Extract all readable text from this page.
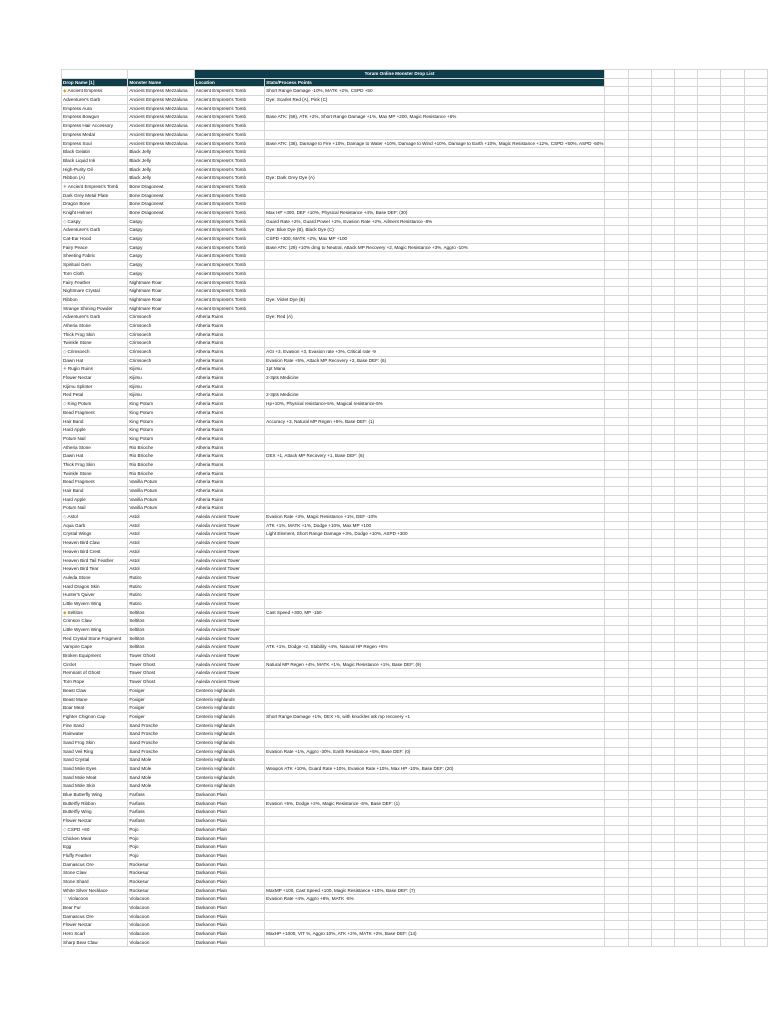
		Toram Online Monster Drop List								
Drop Name [1]	Monster Name	Location	Stats/Process Points							
◆Ancient Empress	Ancient Empress Mezzaluna	Ancient Empress's Tomb	Short Range Damage -10%, MATK +2%, CSPD +50							
Adventurer's Garb	Ancient Empress Mezzaluna	Ancient Empress's Tomb	Dye: Scarlet Red (A), Pink (C)							
Empress Aura	Ancient Empress Mezzaluna	Ancient Empress's Tomb								
Empress Bowgun	Ancient Empress Mezzaluna	Ancient Empress's Tomb	Base ATK: (58), ATK +2%, Short Range Damage +1%, Max MP +200, Magic Resistance +6%							
Empress Hair Accessory	Ancient Empress Mezzaluna	Ancient Empress's Tomb								
Empress Medal	Ancient Empress Mezzaluna	Ancient Empress's Tomb								
Empress Soul	Ancient Empress Mezzaluna	Ancient Empress's Tomb	Base ATK: (36), Damage to Fire +10%, Damage to Water +10%, Damage to Wind +10%, Damage to Earth +10%, Magic Resistance +12%, CSPD +50%, ASPD -50%							
Black Gelatin	Black Jelly	Ancient Empress's Tomb								
Black Liquid Ink	Black Jelly	Ancient Empress's Tomb								
High-Purity Oil	Black Jelly	Ancient Empress's Tomb								
Ribbon (A)	Black Jelly	Ancient Empress's Tomb	Dye: Dark Grey Dye (A)							
✳Ancient Empress's Tomb	Bone Dragonewt	Ancient Empress's Tomb								
Dark Grey Metal Plate	Bone Dragonewt	Ancient Empress's Tomb								
Dragon Bone	Bone Dragonewt	Ancient Empress's Tomb								
Knight Helmet	Bone Dragonewt	Ancient Empress's Tomb	Max HP +300, DEF +10%, Physical Resistance +4%, Base DEF: (30)							
◇Caspy	Caspy	Ancient Empress's Tomb	Guard Rate +2%, Guard Power +2%, Evasion Rate +2%, Ailment Resistance -8%							
Adventurer's Garb	Caspy	Ancient Empress's Tomb	Dye: Blue Dye (B), Black Dye (C)							
Cat-Ear Hood	Caspy	Ancient Empress's Tomb	CSPD +300, MATK +2%, Max MP +100							
Fairy Peace	Caspy	Ancient Empress's Tomb	Base ATK: (29) +10% dmg to Neutral, Attack MP Recovery +2, Magic Resistance +3%, Aggro -10%							
Sheeting Fabric	Caspy	Ancient Empress's Tomb								
Spiritual Gem	Caspy	Ancient Empress's Tomb								
Torn Cloth	Caspy	Ancient Empress's Tomb								
Fairy Feather	Nightmare Roar	Ancient Empress's Tomb								
Nightmare Crystal	Nightmare Roar	Ancient Empress's Tomb								
Ribbon	Nightmare Roar	Ancient Empress's Tomb	Dye: Violet Dye (B)							
Strange Shining Powder	Nightmare Roar	Ancient Empress's Tomb								
Adventurer's Garb	Crimsoech	Atheria Ruins	Dye: Red (A)							
Atheria Stone	Crimsoech	Atheria Ruins								
Thick Frog Skin	Crimsoech	Atheria Ruins								
Twinkle Stone	Crimsoech	Atheria Ruins								
◇Crimsoech	Crimsoech	Atheria Ruins	AGI +3, Evasion +3, Evasion rate +3%, Critical rate -9							
Dawn Hat	Crimsoech	Atheria Ruins	Evasion Rate +5%, Attack MP Recovery +2, Base DEF: (6)							
✳Rugio Ruins	Kijimu	Atheria Ruins	1pt Mana							
Flower Nectar	Kijimu	Atheria Ruins	2-3pts Medicine							
Kijimu Splinter	Kijimu	Atheria Ruins								
Red Petal	Kijimu	Atheria Ruins	2-3pts Medicine							
◇King Potum	King Potum	Atheria Ruins	Hp+10%, Physical resistance-5%, Magical resistance-5%							
Bead Fragment	King Potum	Atheria Ruins								
Hair Band	King Potum	Atheria Ruins	Accuracy +3, Natural MP Regen +5%, Base DEF: (1)							
Hard Apple	King Potum	Atheria Ruins								
Potum Nail	King Potum	Atheria Ruins								
Atheria Stone	Rio Brioche	Atheria Ruins								
Dawn Hat	Rio Brioche	Atheria Ruins	DEX +1, Attack MP Recovery +1, Base DEF: (6)							
Thick Frog Skin	Rio Brioche	Atheria Ruins								
Twinkle Stone	Rio Brioche	Atheria Ruins								
Bead Fragment	Vanilla Potum	Atheria Ruins								
Hair Band	Vanilla Potum	Atheria Ruins								
Hard Apple	Vanilla Potum	Atheria Ruins								
Potum Nail	Vanilla Potum	Atheria Ruins								
◇Astol	Astol	Auleda Ancient Tower	Evasion Rate +3%, Magic Resistance +1%, DEF -10%							
Aqua Garb	Astol	Auleda Ancient Tower	ATK +1%, MATK +1%, Dodge +10%, Max MP +100							
Crystal Wings	Astol	Auleda Ancient Tower	Light Element, Short Range Damage +3%, Dodge +10%, ASPD +300							
Heaven Bird Claw	Astol	Auleda Ancient Tower								
Heaven Bird Crest	Astol	Auleda Ancient Tower								
Heaven Bird Tail Feather	Astol	Auleda Ancient Tower								
Heaven Bird Tear	Astol	Auleda Ancient Tower								
Auleda Stone	Rutiro	Auleda Ancient Tower								
Hard Dragon Skin	Rutiro	Auleda Ancient Tower								
Hunter's Quiver	Rutiro	Auleda Ancient Tower								
Little Wyvern Wing	Rutiro	Auleda Ancient Tower								
◆Seltitos	Seltitos	Auleda Ancient Tower	Cast Speed +300, MP -150							
Crimson Claw	Seltitos	Auleda Ancient Tower								
Little Wyvern Wing	Seltitos	Auleda Ancient Tower								
Red Crystal Stone Fragment	Seltitos	Auleda Ancient Tower								
Vampire Cape	Seltitos	Auleda Ancient Tower	ATK +1%, Dodge +2, Stability +4%, Natural HP Regen +6%							
Broken Equipment	Tower Ghost	Auleda Ancient Tower								
Circlet	Tower Ghost	Auleda Ancient Tower	Natural MP Regen +4%, MATK +1%, Magic Resistance +1%, Base DEF: (9)							
Remnant of Ghost	Tower Ghost	Auleda Ancient Tower								
Torn Rope	Tower Ghost	Auleda Ancient Tower								
Beast Claw	Foxiger	Centerio Highlands								
Beast Mane	Foxiger	Centerio Highlands								
Boar Meat	Foxiger	Centerio Highlands								
Fighter Chignon Cap	Foxiger	Centerio Highlands	Short Range Damage +1%, DEX +5, with knuckles atk mp recovery +1							
Fine Sand	Sand Frosche	Centerio Highlands								
Rainwater	Sand Frosche	Centerio Highlands								
Sand Frog Skin	Sand Frosche	Centerio Highlands								
Sand Veil Ring	Sand Frosche	Centerio Highlands	Evasion Rate +1%, Aggro -30%, Earth Resistance +5%, Base DEF: (0)							
Sand Crystal	Sand Mole	Centerio Highlands								
Sand Mole Eyes	Sand Mole	Centerio Highlands	Weapon ATK +10%, Guard Rate +10%, Evasion Rate +10%, Max HP -10%, Base DEF: (20)							
Sand Mole Meat	Sand Mole	Centerio Highlands								
Sand Mole Skin	Sand Mole	Centerio Highlands								
Blue Butterfly Wing	Farfass	Darkanon Plain								
Butterfly Ribbon	Farfass	Darkanon Plain	Evasion +5%, Dodge +2%, Magic Resistance -5%, Base DEF: (1)							
Butterfly Wing	Farfass	Darkanon Plain								
Flower Nectar	Farfass	Darkanon Plain								
◇CSPD +60	Pojo	Darkanon Plain								
Chicken Meat	Pojo	Darkanon Plain								
Egg	Pojo	Darkanon Plain								
Fluffy Feather	Pojo	Darkanon Plain								
Damascus Ore	Rockesur	Darkanon Plain								
Stone Claw	Rockesur	Darkanon Plain								
Stone Shard	Rockesur	Darkanon Plain								
White Silver Necklace	Rockesur	Darkanon Plain	MaxMP +100, Cast Speed +100, Magic Resistance +10%, Base DEF: (7)							
♡Violacoon	Violacoon	Darkanon Plain	Evasion Rate +4%, Aggro +8%, MATK -6%							
Bear Fur	Violacoon	Darkanon Plain								
Damascus Ore	Violacoon	Darkanon Plain								
Flower Nectar	Violacoon	Darkanon Plain								
Hero Scarf	Violacoon	Darkanon Plain	MaxHP +1000, VIT %, Aggro 10%, ATK +2%, MATK +2%, Base DEF: (14)							
Sharp Bear Claw	Violacoon	Darkanon Plain								
